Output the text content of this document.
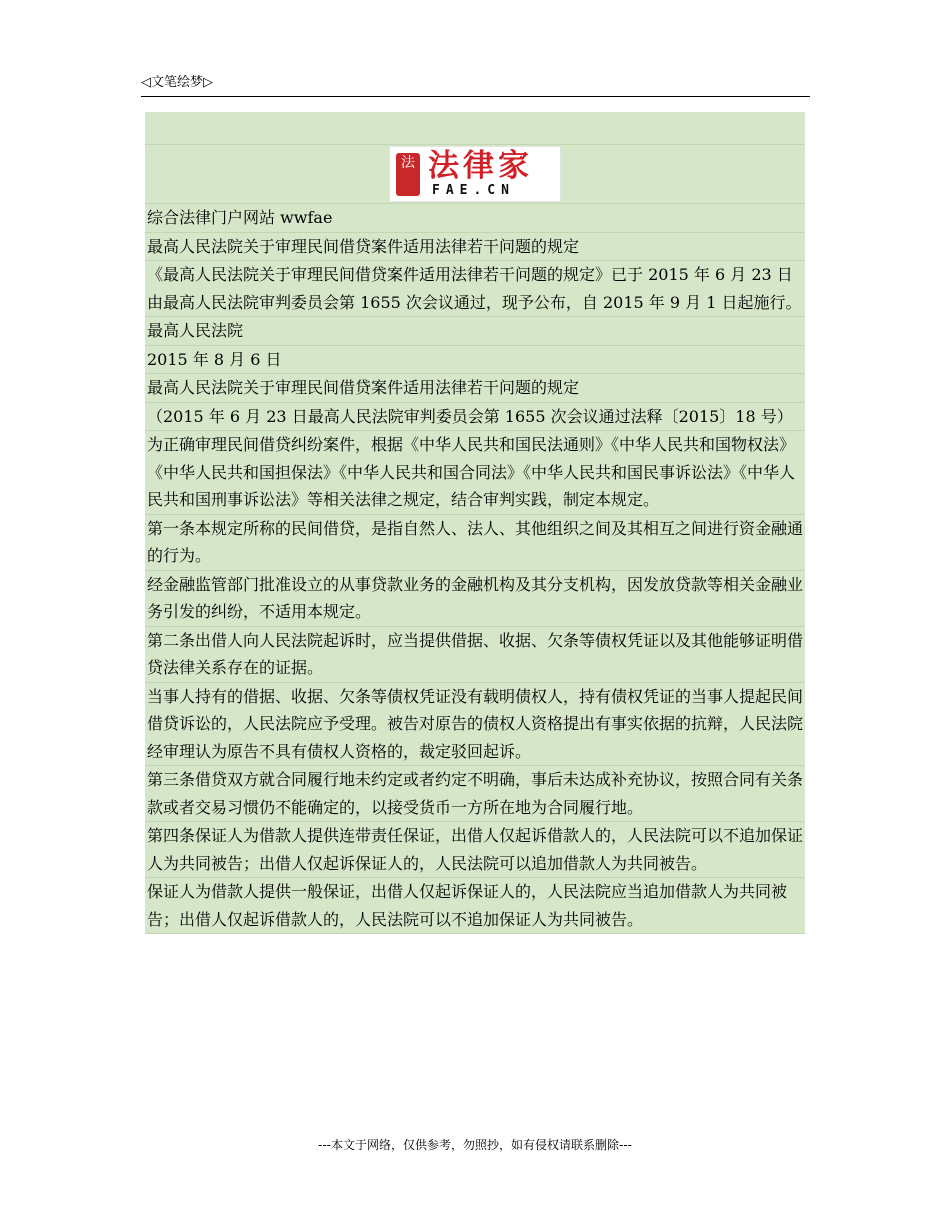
◁文笔绘梦▷
法 法律家
FAE.CN
综合法律门户网站 wwfae
最高人民法院关于审理民间借贷案件适用法律若干问题的规定
《最高人民法院关于审理民间借贷案件适用法律若干问题的规定》已于 2015 年 6 月 23 日由最高人民法院审判委员会第 1655 次会议通过，现予公布，自 2015 年 9 月 1 日起施行。
最高人民法院
2015 年 8 月 6 日
最高人民法院关于审理民间借贷案件适用法律若干问题的规定
（2015 年 6 月 23 日最高人民法院审判委员会第 1655 次会议通过法释〔2015〕18 号）
为正确审理民间借贷纠纷案件，根据《中华人民共和国民法通则》《中华人民共和国物权法》《中华人民共和国担保法》《中华人民共和国合同法》《中华人民共和国民事诉讼法》《中华人民共和国刑事诉讼法》等相关法律之规定，结合审判实践，制定本规定。
第一条本规定所称的民间借贷，是指自然人、法人、其他组织之间及其相互之间进行资金融通的行为。
经金融监管部门批准设立的从事贷款业务的金融机构及其分支机构，因发放贷款等相关金融业务引发的纠纷，不适用本规定。
第二条出借人向人民法院起诉时，应当提供借据、收据、欠条等债权凭证以及其他能够证明借贷法律关系存在的证据。
当事人持有的借据、收据、欠条等债权凭证没有载明债权人，持有债权凭证的当事人提起民间借贷诉讼的，人民法院应予受理。被告对原告的债权人资格提出有事实依据的抗辩，人民法院经审理认为原告不具有债权人资格的，裁定驳回起诉。
第三条借贷双方就合同履行地未约定或者约定不明确，事后未达成补充协议，按照合同有关条款或者交易习惯仍不能确定的，以接受货币一方所在地为合同履行地。
第四条保证人为借款人提供连带责任保证，出借人仅起诉借款人的，人民法院可以不追加保证人为共同被告；出借人仅起诉保证人的，人民法院可以追加借款人为共同被告。
保证人为借款人提供一般保证，出借人仅起诉保证人的，人民法院应当追加借款人为共同被告；出借人仅起诉借款人的，人民法院可以不追加保证人为共同被告。
---本文于网络，仅供参考，勿照抄，如有侵权请联系删除---
